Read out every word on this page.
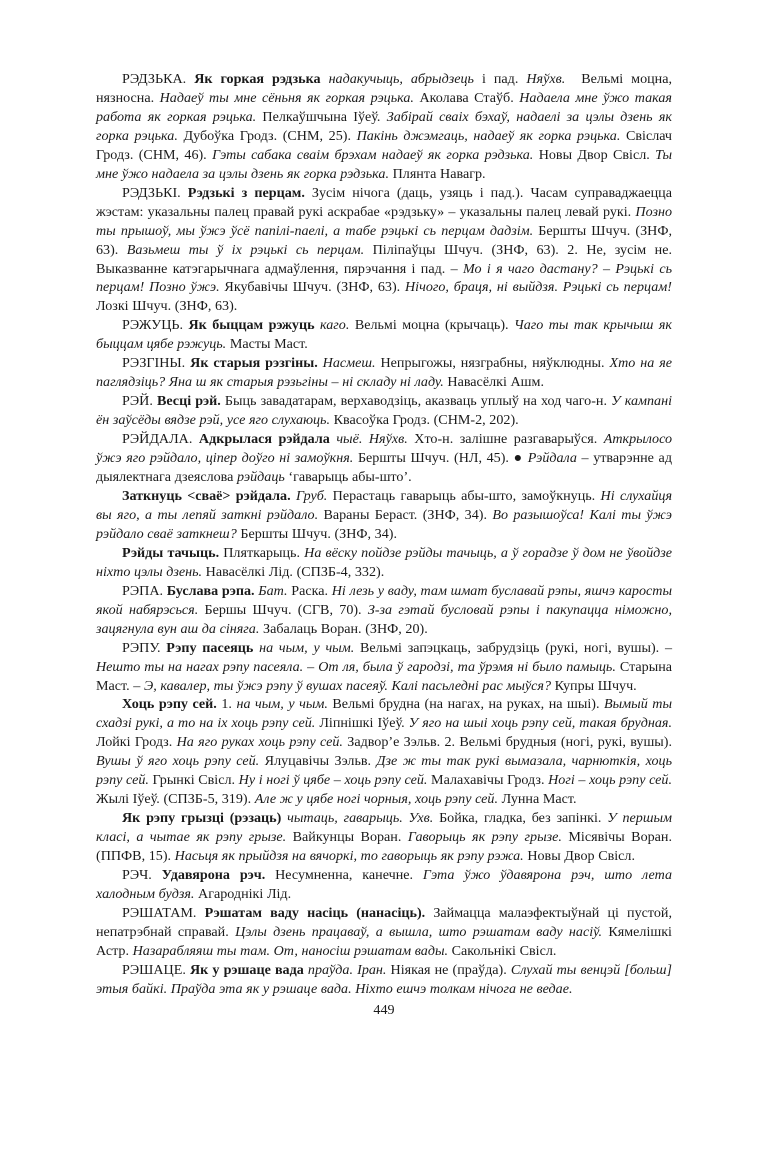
РЭДЗЬКА. Як горкая рэдзька надакучыць, абрыдзець і пад. Няўхв.  Вельмі моцна, нязносна. Надаеў ты мне сёньня як горкая рэцька. Аколава Стаўб. Надаела мне ўжо такая работа як горкая рэцька. Пелкаўшчына Іўеў. Забірай сваіх бэхаў, надаелі за цэлы дзень як горка рэцька. Дубоўка Гродз. (СНМ, 25). Пакінь джэмгаць, надаеў як горка рэцька. Свіслач Гродз. (СНМ, 46). Гэты сабака сваім брэхам надаеў як горка рэдзька. Новы Двор Свісл. Ты мне ўжо надаела за цэлы дзень як горка рэдзька. Плянта Навагр.

РЭДЗЬКІ. Рэдзькі з перцам. Зусім нічога (даць, узяць і пад.). Часам суправаджаецца жэстам: указальны палец правай рукі аскрабае «рэдзьку» – указальны палец левай рукі. Позно ты прышоў, мы ўжэ ўсё папілі-паелі, а табе рэцькі сь перцам дадзім. Бершты Шчуч. (ЗНФ, 63). Вазьмеш ты ў іх рэцькі сь перцам. Піліпаўцы Шчуч. (ЗНФ, 63). 2. Не, зусім не. Выказванне катэгарычнага адмаўлення, пярэчання і пад. – Мо і я чаго дастану? – Рэцькі сь перцам! Позно ўжэ. Якубавічы Шчуч. (ЗНФ, 63). Нічого, браця, ні выйдзя. Рэцькі сь перцам! Лозкі Шчуч. (ЗНФ, 63).

РЭЖУЦЬ. Як быццам рэжуць каго. Вельмі моцна (крычаць). Чаго ты так крычыш як быццам цябе рэжуць. Масты Маст.

РЭЗГІНЫ. Як старыя рэзгіны. Насмеш. Непрыгожы, нязграбны, няўклюдны. Хто на яе паглядзіць? Яна ш як старыя рэзьгіны – ні складу ні ладу. Навасёлкі Ашм.

РЭЙ. Весці рэй. Быць завадатарам, верхаводзіць, аказваць уплыў на ход чаго-н. У кампані ён заўсёды вядзе рэй, усе яго слухаюць. Квасоўка Гродз. (СНМ-2, 202).

РЭЙДАЛА. Адкрылася рэйдала чыё. Няўхв. Хто-н. залішне разгаварыўся. Аткрылосо ўжэ яго рэйдало, ціпер доўго ні замоўкня. Бершты Шчуч. (НЛ, 45). ● Рэйдала – утварэнне ад дыялектнага дзеяслова рэйдаць ‘гаварыць абы-што’.

Заткнуць <сваё> рэйдала. Груб. Перастаць гаварыць абы-што, замоўкнуць. Ні слухайця вы яго, а ты лепяй заткні рэйдало. Вараны Бераст. (ЗНФ, 34). Во разышоўса! Калі ты ўжэ рэйдало сваё заткнеш? Бершты Шчуч. (ЗНФ, 34).

Рэйды тачыць. Пляткарыць. На вёску пойдзе рэйды тачыць, а ў горадзе ў дом не ўвойдзе ніхто цэлы дзень. Навасёлкі Лід. (СПЗБ-4, 332).

РЭПА. Буслава рэпа. Бат. Раска. Ні лезь у ваду, там шмат буславай рэпы, яшчэ каросты якой набярэсься. Бершы Шчуч. (СГВ, 70). З-за гэтай бусловай рэпы і пакупацца німожно, зацягнула вун аш да сіняга. Забалаць Воран. (ЗНФ, 20).

РЭПУ. Рэпу пасеяць на чым, у чым. Вельмі запэцкаць, забрудзіць (рукі, ногі, вушы). – Нешто ты на нагах рэпу пасеяла. – От ля, была ў гародзі, та ўрэмя ні было памыць. Старына Маст. – Э, кавалер, ты ўжэ рэпу ў вушах пасеяў. Калі пасьледні рас мыўся? Купры Шчуч.

Хоць рэпу сей. 1. на чым, у чым. Вельмі брудна (на нагах, на руках, на шыі). Вымый ты схадзі рукі, а то на іх хоць рэпу сей. Ліпнішкі Іўеў. У яго на шыі хоць рэпу сей, такая брудная. Лойкі Гродз. На яго руках хоць рэпу сей. Задвор’е Зэльв. 2. Вельмі брудныя (ногі, рукі, вушы). Вушы ў яго хоць рэпу сей. Ялуцавічы Зэльв. Дзе ж ты так рукі вымазала, чарнюткія, хоць рэпу сей. Грынкі Свісл. Ну і ногі ў цябе – хоць рэпу сей. Малахавічы Гродз. Ногі – хоць рэпу сей. Жылі Іўеў. (СПЗБ-5, 319). Але ж у цябе ногі чорныя, хоць рэпу сей. Лунна Маст.

Як рэпу грызці (рэзаць) чытаць, гаварыць. Ухв. Бойка, гладка, без запінкі. У першым класі, а чытае як рэпу грызе. Вайкунцы Воран. Гаворыць як рэпу грызе. Місявічы Воран. (ППФВ, 15). Насьця як прыйдзя на вячоркі, то гаворыць як рэпу рэжа. Новы Двор Свісл.

РЭЧ. Удавярона рэч. Несумненна, канечне. Гэта ўжо ўдавярона рэч, што лета халодным будзя. Агароднікі Лід.

РЭШАТАМ. Рэшатам ваду насіць (нанасіць). Займацца малаэфектыўнай ці пустой, непатрэбнай справай. Цэлы дзень працаваў, а вышла, што рэшатам ваду насіў. Кямелішкі Астр. Назарабляяш ты там. От, наносіш рэшатам вады. Сакольнікі Свісл.

РЭШАЦЕ. Як у рэшаце вада праўда. Іран. Ніякая не (праўда). Слухай ты венцэй [больш] этыя байкі. Праўда эта як у рэшаце вада. Ніхто ешчэ толкам нічога не ведае.

449
